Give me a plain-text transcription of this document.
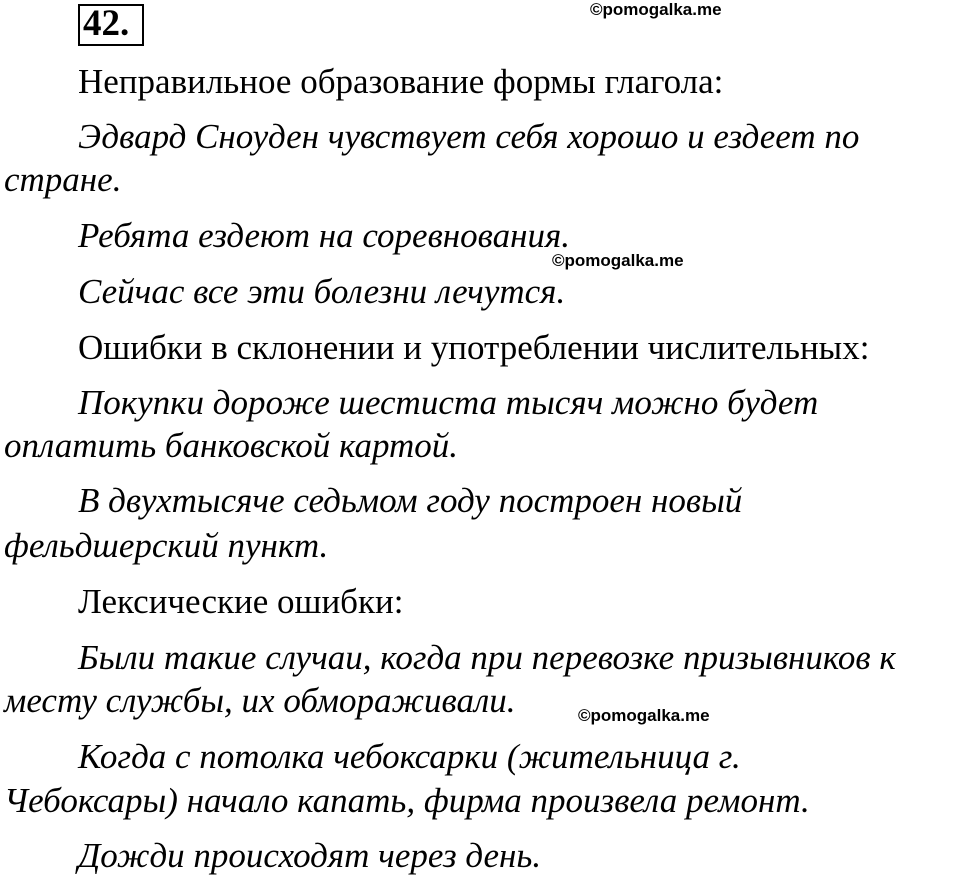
42.	©pomogalka.me
©pomogalka.me
©pomogalka.me
Неправильное образование формы глагола:
Эдвард Сноуден чувствует себя хорошо и ездеет по
стране.
Ребята ездеют на соревнования.
Сейчас все эти болезни лечутся.
Ошибки в склонении и употреблении числительных:
Покупки дороже шестиста тысяч можно будет
оплатить банковской картой.
В двухтысяче седьмом году построен новый
фельдшерский пункт.
Лексические ошибки:
Были такие случаи, когда при перевозке призывников к
месту службы, их обмораживали.
Когда с потолка чебоксарки (жительница г.
Чебоксары) начало капать, фирма произвела ремонт.
Дожди происходят через день.
